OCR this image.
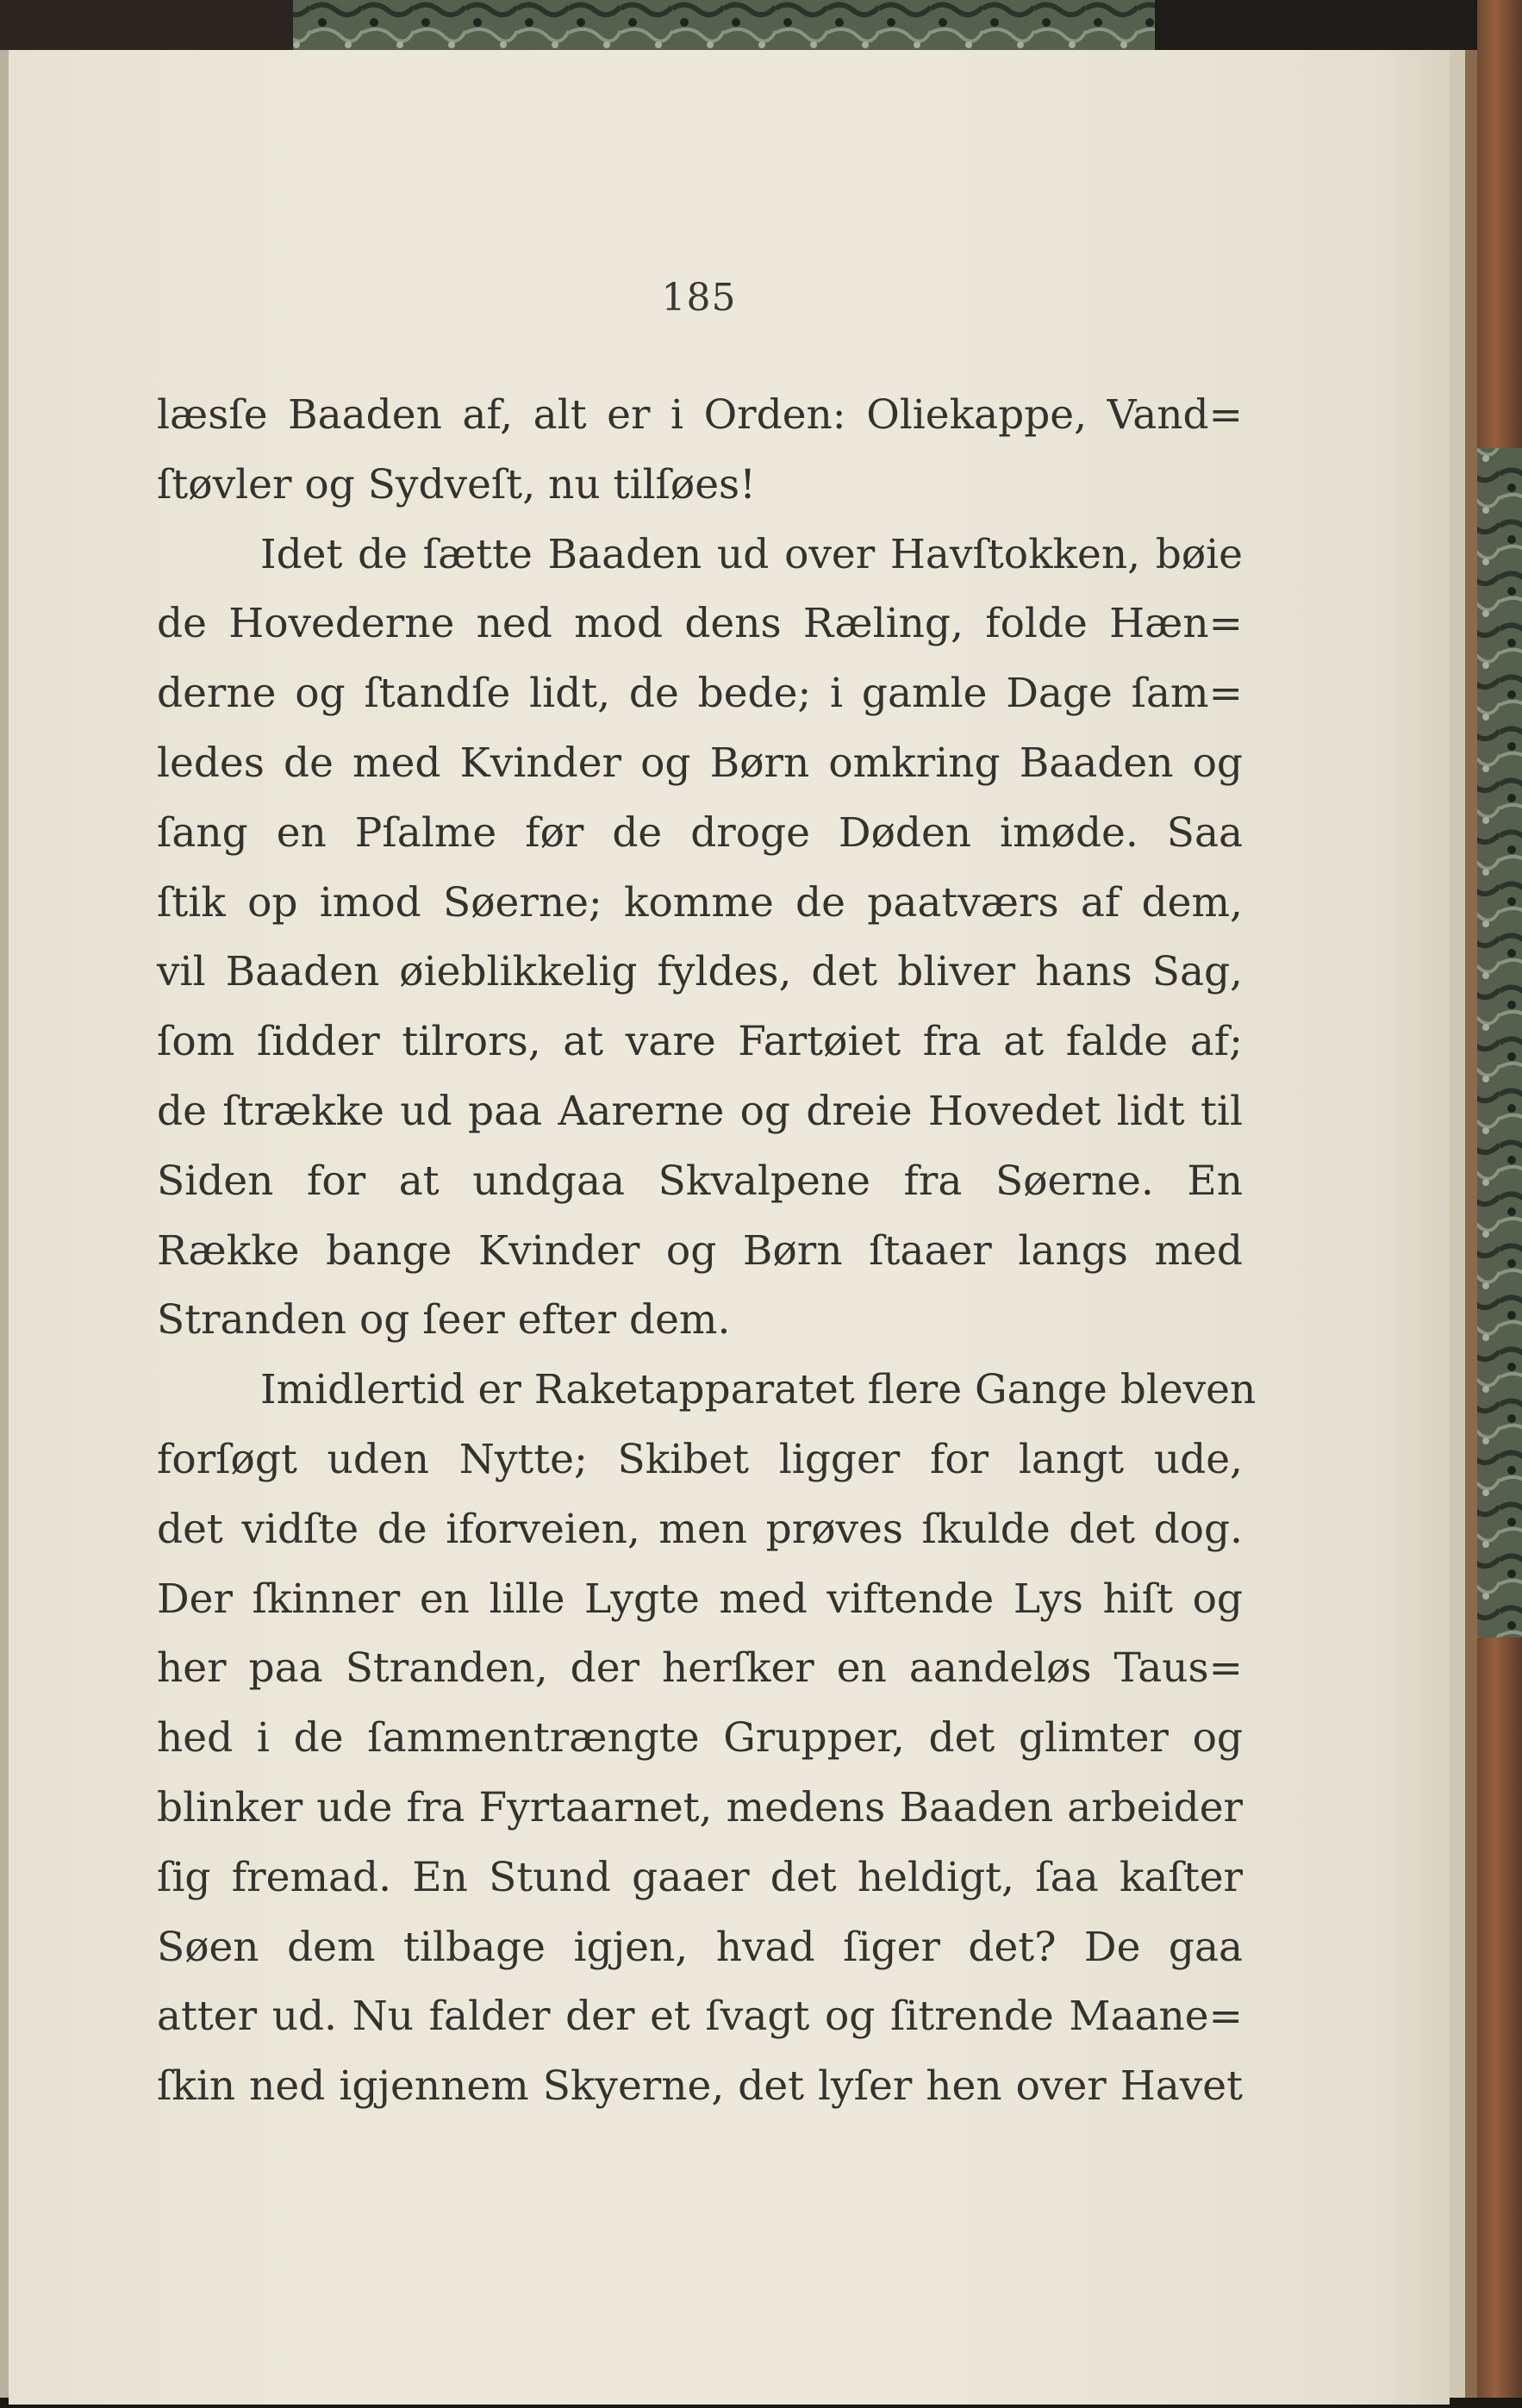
185
læsſe Baaden af, alt er i Orden: Oliekappe, Vand=
ſtøvler og Sydveſt, nu tilſøes!
Idet de ſætte Baaden ud over Havſtokken, bøie
de Hovederne ned mod dens Ræling, folde Hæn=
derne og ſtandſe lidt, de bede; i gamle Dage ſam=
ledes de med Kvinder og Børn omkring Baaden og
ſang en Pſalme før de droge Døden imøde. Saa
ſtik op imod Søerne; komme de paatværs af dem,
vil Baaden øieblikkelig fyldes, det bliver hans Sag,
ſom ſidder tilrors, at vare Fartøiet fra at falde af;
de ſtrække ud paa Aarerne og dreie Hovedet lidt til
Siden for at undgaa Skvalpene fra Søerne. En
Række bange Kvinder og Børn ſtaaer langs med
Stranden og ſeer efter dem.
Imidlertid er Raketapparatet flere Gange bleven
forſøgt uden Nytte; Skibet ligger for langt ude,
det vidſte de iforveien, men prøves ſkulde det dog.
Der ſkinner en lille Lygte med viftende Lys hiſt og
her paa Stranden, der herſker en aandeløs Taus=
hed i de ſammentrængte Grupper, det glimter og
blinker ude fra Fyrtaarnet, medens Baaden arbeider
ſig fremad. En Stund gaaer det heldigt, ſaa kaſter
Søen dem tilbage igjen, hvad ſiger det? De gaa
atter ud. Nu falder der et ſvagt og ſitrende Maane=
ſkin ned igjennem Skyerne, det lyſer hen over Havet
